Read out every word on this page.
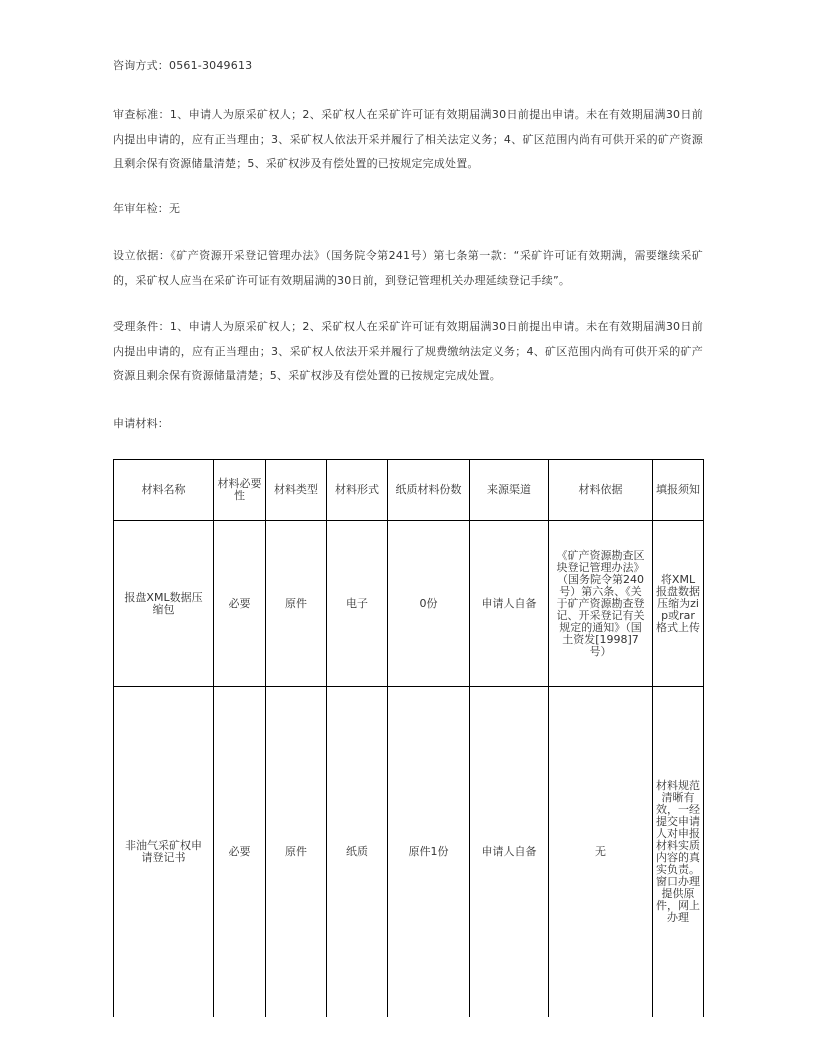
咨询方式：0561-3049613

审查标准：1、申请人为原采矿权人；2、采矿权人在采矿许可证有效期届满30日前提出申请。未在有效期届满30日前内提出申请的，应有正当理由；3、采矿权人依法开采并履行了相关法定义务；4、矿区范围内尚有可供开采的矿产资源且剩余保有资源储量清楚；5、采矿权涉及有偿处置的已按规定完成处置。

年审年检：无

设立依据：《矿产资源开采登记管理办法》（国务院令第241号）第七条第一款：“采矿许可证有效期满，需要继续采矿的，采矿权人应当在采矿许可证有效期届满的30日前，到登记管理机关办理延续登记手续”。

受理条件：1、申请人为原采矿权人；2、采矿权人在采矿许可证有效期届满30日前提出申请。未在有效期届满30日前内提出申请的，应有正当理由；3、采矿权人依法开采并履行了规费缴纳法定义务；4、矿区范围内尚有可供开采的矿产资源且剩余保有资源储量清楚；5、采矿权涉及有偿处置的已按规定完成处置。

申请材料：

材料名称	材料必要性	材料类型	材料形式	纸质材料份数	来源渠道	材料依据	填报须知
报盘XML数据压缩包	必要	原件	电子	0份	申请人自备	《矿产资源勘查区块登记管理办法》（国务院令第240号）第六条、《关于矿产资源勘查登记、开采登记有关规定的通知》（国土资发[1998]7号）	将XML报盘数据压缩为zip或rar格式上传
非油气采矿权申请登记书	必要	原件	纸质	原件1份	申请人自备	无	材料规范清晰有效，一经提交申请人对申报材料实质内容的真实负责。窗口办理提供原件，网上办理
